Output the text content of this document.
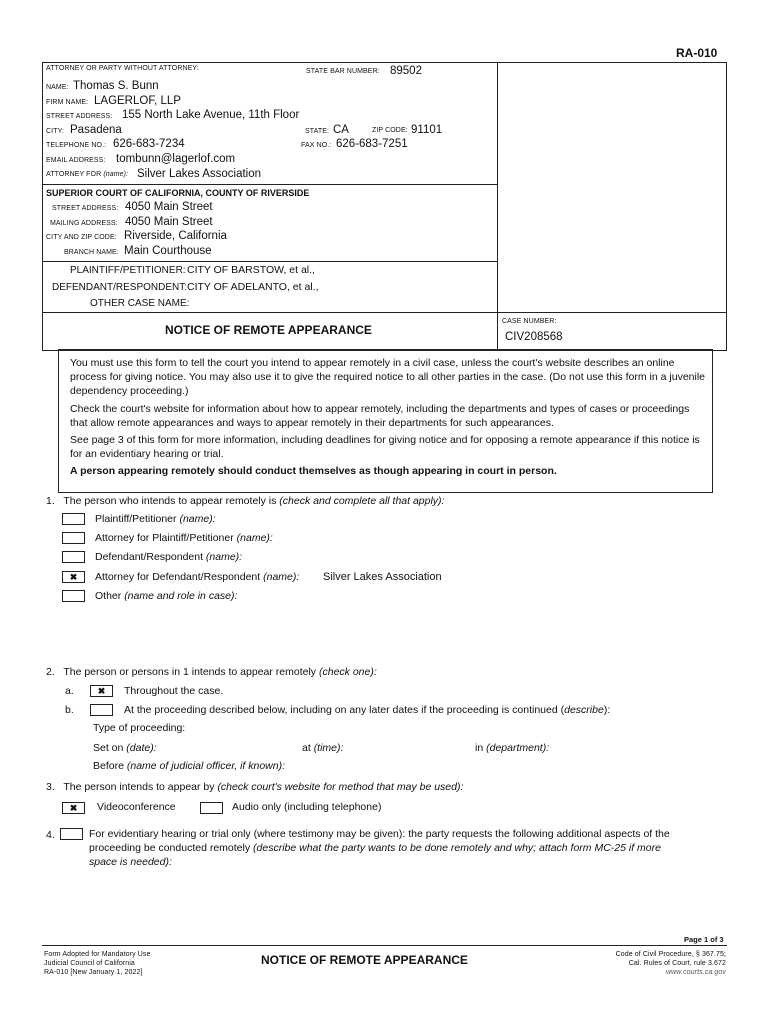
RA-010
ATTORNEY OR PARTY WITHOUT ATTORNEY:	STATE BAR NUMBER: 89502
NAME: Thomas S. Bunn
FIRM NAME: LAGERLOF, LLP
STREET ADDRESS: 155 North Lake Avenue, 11th Floor
CITY: Pasadena	STATE: CA	ZIP CODE: 91101
TELEPHONE NO.: 626-683-7234	FAX NO.: 626-683-7251
EMAIL ADDRESS: tombunn@lagerlof.com
ATTORNEY FOR (name): Silver Lakes Association
SUPERIOR COURT OF CALIFORNIA, COUNTY OF RIVERSIDE
STREET ADDRESS: 4050 Main Street
MAILING ADDRESS: 4050 Main Street
CITY AND ZIP CODE: Riverside, California
BRANCH NAME: Main Courthouse
PLAINTIFF/PETITIONER: CITY OF BARSTOW, et al.,
DEFENDANT/RESPONDENT: CITY OF ADELANTO, et al.,
OTHER CASE NAME:
NOTICE OF REMOTE APPEARANCE
CASE NUMBER:
CIV208568

You must use this form to tell the court you intend to appear remotely in a civil case, unless the court's website describes an online process for giving notice. You may also use it to give the required notice to all other parties in the case. (Do not use this form in a juvenile dependency proceeding.)

Check the court's website for information about how to appear remotely, including the departments and types of cases or proceedings that allow remote appearances and ways to appear remotely in their departments for such appearances.

See page 3 of this form for more information, including deadlines for giving notice and for opposing a remote appearance if this notice is for an evidentiary hearing or trial.

A person appearing remotely should conduct themselves as though appearing in court in person.

1. The person who intends to appear remotely is (check and complete all that apply):
Plaintiff/Petitioner (name):
Attorney for Plaintiff/Petitioner (name):
Defendant/Respondent (name):
✖	Attorney for Defendant/Respondent (name): Silver Lakes Association
Other (name and role in case):
2. The person or persons in 1 intends to appear remotely (check one):
a.	✖	Throughout the case.
b.	At the proceeding described below, including on any later dates if the proceeding is continued (describe):
Type of proceeding:
Set on (date):	at (time):	in (department):
Before (name of judicial officer, if known):
3. The person intends to appear by (check court's website for method that may be used):
✖	Videoconference	Audio only (including telephone)
4.	For evidentiary hearing or trial only (where testimony may be given): the party requests the following additional aspects of the
proceeding be conducted remotely (describe what the party wants to be done remotely and why; attach form MC-25 if more
space is needed):
Page 1 of 3
Form Adopted for Mandatory Use
Judicial Council of California
RA-010 [New January 1, 2022]
NOTICE OF REMOTE APPEARANCE	Code of Civil Procedure, § 367.75;
Cal. Rules of Court, rule 3.672
www.courts.ca.gov
